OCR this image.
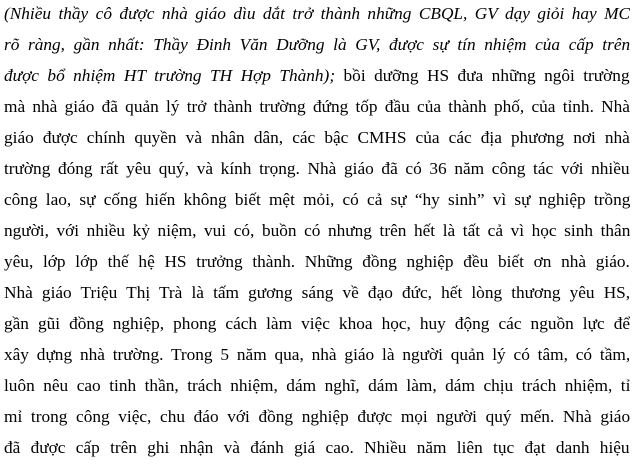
(Nhiều thầy cô được nhà giáo dìu dắt trở thành những CBQL, GV dạy giỏi hay MC
rõ ràng, gần nhất: Thầy Đinh Văn Dưỡng là GV, được sự tín nhiệm của cấp trên
được bổ nhiệm HT trường TH Hợp Thành); bồi dưỡng HS đưa những ngôi trường
mà nhà giáo đã quản lý trở thành trường đứng tốp đầu của thành phố, của tỉnh. Nhà
giáo được chính quyền và nhân dân, các bậc CMHS của các địa phương nơi nhà
trường đóng rất yêu quý, và kính trọng. Nhà giáo đã có 36 năm công tác với nhiều
công lao, sự cống hiến không biết mệt mỏi, có cả sự “hy sinh” vì sự nghiệp trồng
người, với nhiều kỷ niệm, vui có, buồn có nhưng trên hết là tất cả vì học sinh thân
yêu, lớp lớp thế hệ HS trưởng thành. Những đồng nghiệp đều biết ơn nhà giáo.
Nhà giáo Triệu Thị Trà là tấm gương sáng về đạo đức, hết lòng thương yêu HS,
gần gũi đồng nghiệp, phong cách làm việc khoa học, huy động các nguồn lực để
xây dựng nhà trường. Trong 5 năm qua, nhà giáo là người quản lý có tâm, có tầm,
luôn nêu cao tinh thần, trách nhiệm, dám nghĩ, dám làm, dám chịu trách nhiệm, tỉ
mỉ trong công việc, chu đáo với đồng nghiệp được mọi người quý mến. Nhà giáo
đã được cấp trên ghi nhận và đánh giá cao. Nhiều năm liên tục đạt danh hiệu
